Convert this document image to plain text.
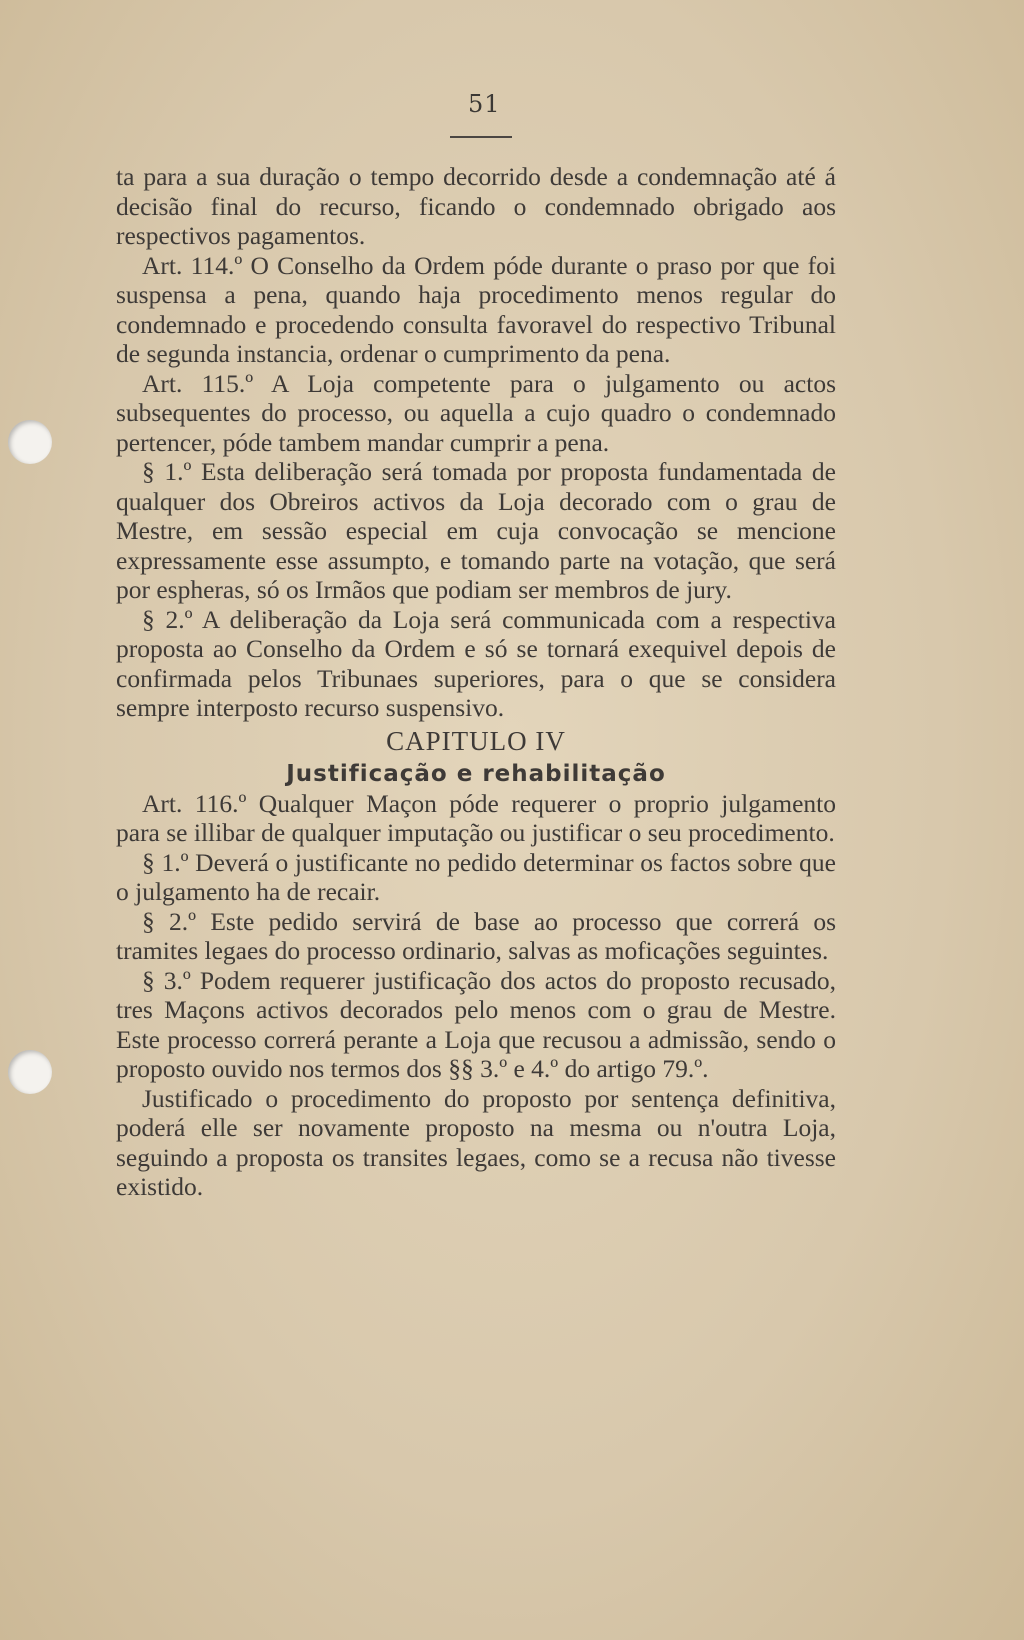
51

ta para a sua duração o tempo decorrido desde a condemnação até á decisão final do recurso, ficando o condemnado obrigado aos respectivos pagamentos.

Art. 114.º O Conselho da Ordem póde durante o praso por que foi suspensa a pena, quando haja procedimento menos regular do condemnado e procedendo consulta favoravel do respectivo Tribunal de segunda instancia, ordenar o cumprimento da pena.

Art. 115.º A Loja competente para o julgamento ou actos subsequentes do processo, ou aquella a cujo quadro o condemnado pertencer, póde tambem mandar cumprir a pena.

§ 1.º Esta deliberação será tomada por proposta fundamentada de qualquer dos Obreiros activos da Loja decorado com o grau de Mestre, em sessão especial em cuja convocação se mencione expressamente esse assumpto, e tomando parte na votação, que será por espheras, só os Irmãos que podiam ser membros de jury.

§ 2.º A deliberação da Loja será communicada com a respectiva proposta ao Conselho da Ordem e só se tornará exequivel depois de confirmada pelos Tribunaes superiores, para o que se considera sempre interposto recurso suspensivo.

CAPITULO IV

Justificação e rehabilitação

Art. 116.º Qualquer Maçon póde requerer o proprio julgamento para se illibar de qualquer imputação ou justificar o seu procedimento.

§ 1.º Deverá o justificante no pedido determinar os factos sobre que o julgamento ha de recair.

§ 2.º Este pedido servirá de base ao processo que correrá os tramites legaes do processo ordinario, salvas as moficações seguintes.

§ 3.º Podem requerer justificação dos actos do proposto recusado, tres Maçons activos decorados pelo menos com o grau de Mestre. Este processo correrá perante a Loja que recusou a admissão, sendo o proposto ouvido nos termos dos §§ 3.º e 4.º do artigo 79.º.

Justificado o procedimento do proposto por sentença definitiva, poderá elle ser novamente proposto na mesma ou n'outra Loja, seguindo a proposta os transites legaes, como se a recusa não tivesse existido.
